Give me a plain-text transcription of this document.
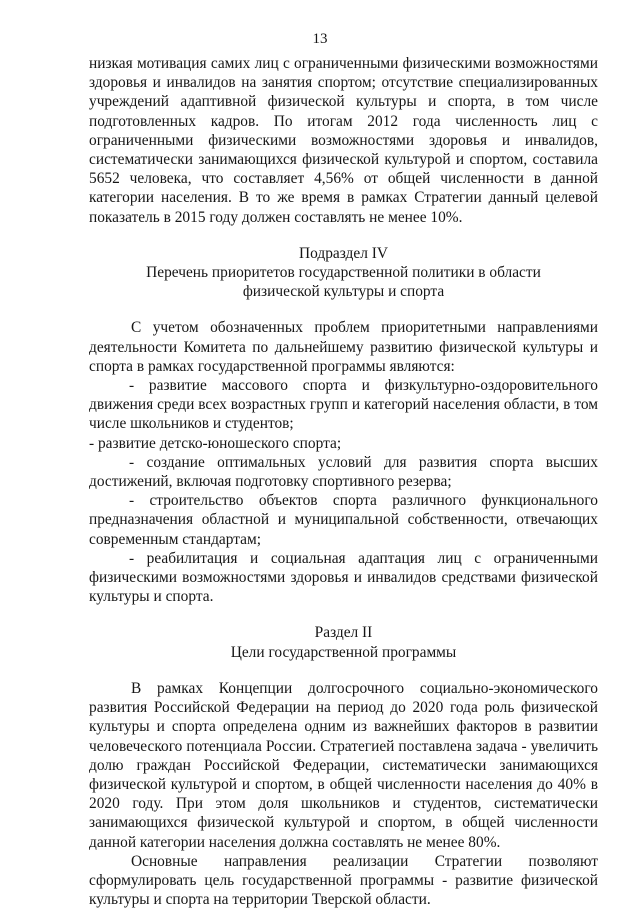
13

низкая мотивация самих лиц с ограниченными физическими возможностями здоровья и инвалидов на занятия спортом; отсутствие специализированных учреждений адаптивной физической культуры и спорта, в том числе подготовленных кадров. По итогам 2012 года численность лиц с ограниченными физическими возможностями здоровья и инвалидов, систематически занимающихся физической культурой и спортом, составила 5652 человека, что составляет 4,56% от общей численности в данной категории населения. В то же время в рамках Стратегии данный целевой показатель в 2015 году должен составлять не менее 10%.

Подраздел IV

Перечень приоритетов государственной политики в области

физической культуры и спорта

С учетом обозначенных проблем приоритетными направлениями деятельности Комитета по дальнейшему развитию физической культуры и спорта в рамках государственной программы являются:

- развитие массового спорта и физкультурно-оздоровительного движения среди всех возрастных групп и категорий населения области, в том числе школьников и студентов;

- развитие детско-юношеского спорта;

- создание оптимальных условий для развития спорта высших достижений, включая подготовку спортивного резерва;

- строительство объектов спорта различного функционального предназначения областной и муниципальной собственности, отвечающих современным стандартам;

- реабилитация и социальная адаптация лиц с ограниченными физическими возможностями здоровья и инвалидов средствами физической культуры и спорта.

Раздел II

Цели государственной программы

В рамках Концепции долгосрочного социально-экономического развития Российской Федерации на период до 2020 года роль физической культуры и спорта определена одним из важнейших факторов в развитии человеческого потенциала России. Стратегией поставлена задача - увеличить долю граждан Российской Федерации, систематически занимающихся физической культурой и спортом, в общей численности населения до 40% в 2020 году. При этом доля школьников и студентов, систематически занимающихся физической культурой и спортом, в общей численности данной категории населения должна составлять не менее 80%.

Основные направления реализации Стратегии позволяют сформулировать цель государственной программы - развитие физической культуры и спорта на территории Тверской области.
